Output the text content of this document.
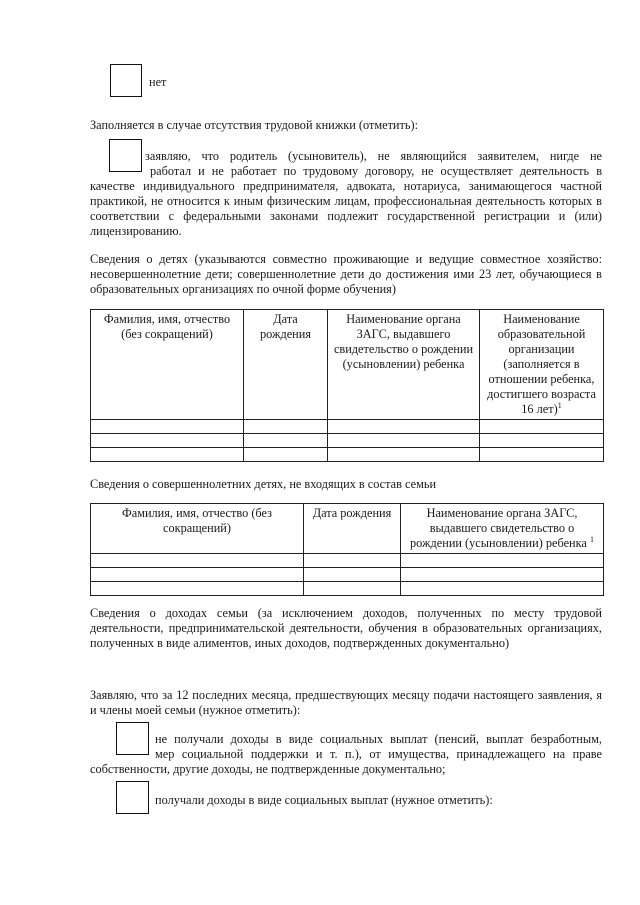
нет
Заполняется в случае отсутствия трудовой книжки (отметить):
заявляю, что родитель (усыновитель), не являющийся заявителем, нигде не
работал и не работает по трудовому договору, не осуществляет деятельность в
качестве индивидуального предпринимателя, адвоката, нотариуса, занимающегося частной практикой, не относится к иным физическим лицам, профессиональная деятельность которых в соответствии с федеральными законами подлежит государственной регистрации и (или) лицензированию.
Сведения о детях (указываются совместно проживающие и ведущие совместное хозяйство: несовершеннолетние дети; совершеннолетние дети до достижения ими 23 лет, обучающиеся в образовательных организациях по очной форме обучения)
Фамилия, имя, отчество (без сокращений)	Дата рождения	Наименование органа ЗАГС, выдавшего свидетельство о рождении (усыновлении) ребенка	Наименование образовательной организации (заполняется в отношении ребенка, достигшего возраста 16 лет)$^1$

Сведения о совершеннолетних детях, не входящих в состав семьи
Фамилия, имя, отчество (без сокращений)	Дата рождения	Наименование органа ЗАГС, выдавшего свидетельство о рождении (усыновлении) ребенка $^1$

Сведения о доходах семьи (за исключением доходов, полученных по месту трудовой деятельности, предпринимательской деятельности, обучения в образовательных организациях, полученных в виде алиментов, иных доходов, подтвержденных документально)
Заявляю, что за 12 последних месяца, предшествующих месяцу подачи настоящего заявления, я и члены моей семьи (нужное отметить):
не получали доходы в виде социальных выплат (пенсий, выплат безработным,
мер социальной поддержки и т. п.), от имущества, принадлежащего на праве
собственности, другие доходы, не подтвержденные документально;
получали доходы в виде социальных выплат (нужное отметить):
